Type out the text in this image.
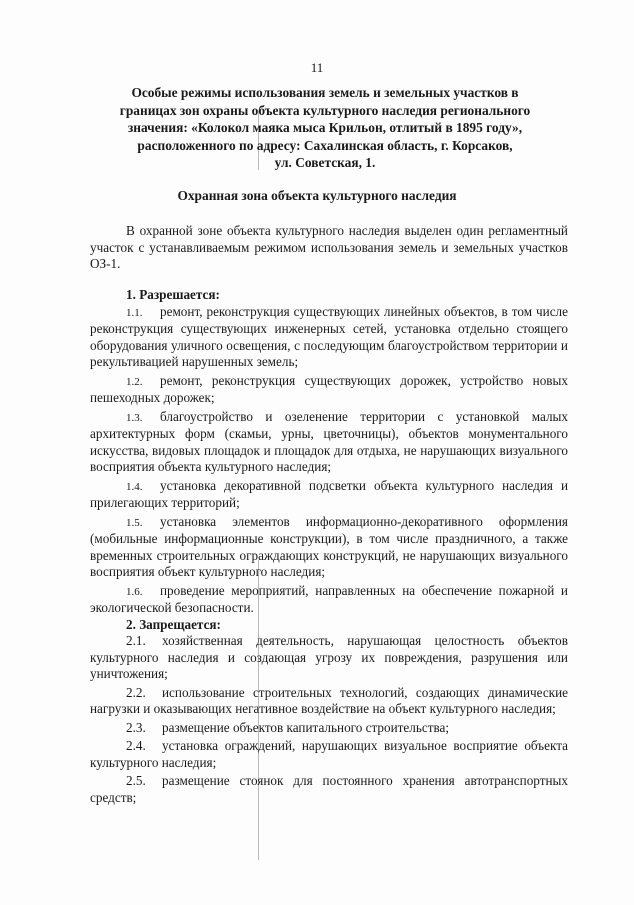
11
Особые режимы использования земель и земельных участков в
границах зон охраны объекта культурного наследия регионального
значения: «Колокол маяка мыса Крильон, отлитый в 1895 году»,
расположенного по адресу: Сахалинская область, г. Корсаков,
ул. Советская, 1.
Охранная зона объекта культурного наследия
В охранной зоне объекта культурного наследия выделен один регламентный участок с устанавливаемым режимом использования земель и земельных участков ОЗ-1.
1. Разрешается:
1.1. ремонт, реконструкция существующих линейных объектов, в том числе реконструкция существующих инженерных сетей, установка отдельно стоящего оборудования уличного освещения, с последующим благоустройством территории и рекультивацией нарушенных земель;
1.2. ремонт, реконструкция существующих дорожек, устройство новых пешеходных дорожек;
1.3. благоустройство и озеленение территории с установкой малых архитектурных форм (скамьи, урны, цветочницы), объектов монументального искусства, видовых площадок и площадок для отдыха, не нарушающих визуального восприятия объекта культурного наследия;
1.4. установка декоративной подсветки объекта культурного наследия и прилегающих территорий;
1.5. установка элементов информационно-декоративного оформления (мобильные информационные конструкции), в том числе праздничного, а также временных строительных ограждающих конструкций, не нарушающих визуального восприятия объект культурного наследия;
1.6. проведение мероприятий, направленных на обеспечение пожарной и экологической безопасности.
2. Запрещается:
2.1. хозяйственная деятельность, нарушающая целостность объектов культурного наследия и создающая угрозу их повреждения, разрушения или уничтожения;
2.2. использование строительных технологий, создающих динамические нагрузки и оказывающих негативное воздействие на объект культурного наследия;
2.3. размещение объектов капитального строительства;
2.4. установка ограждений, нарушающих визуальное восприятие объекта культурного наследия;
2.5. размещение стоянок для постоянного хранения автотранспортных средств;
